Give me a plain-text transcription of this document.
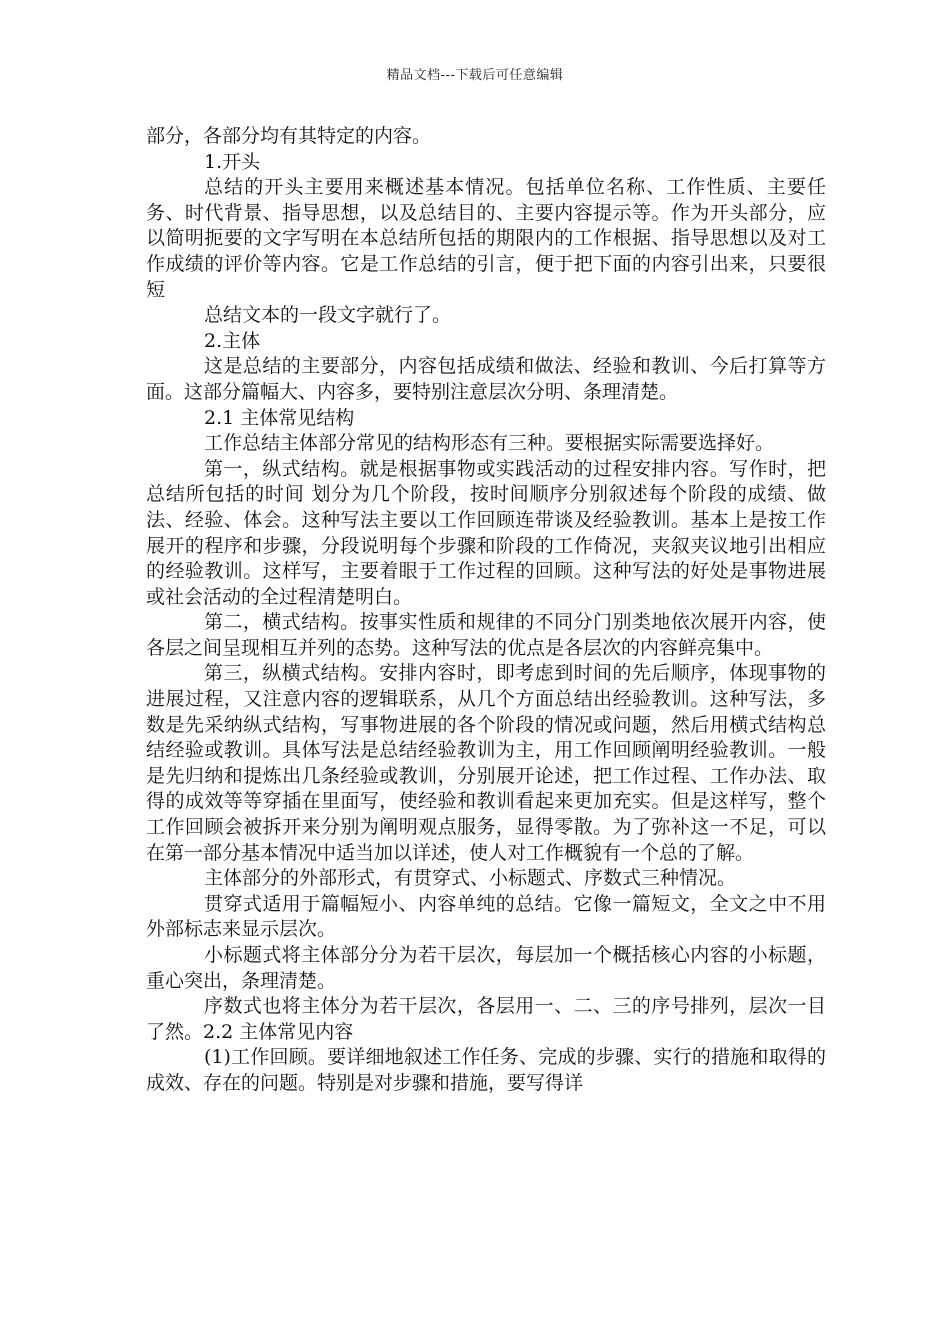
精品文档---下载后可任意编辑

部分，各部分均有其特定的内容。

1.开头

总结的开头主要用来概述基本情况。包括单位名称、工作性质、主要任务、时代背景、指导思想，以及总结目的、主要内容提示等。作为开头部分，应以简明扼要的文字写明在本总结所包括的期限内的工作根据、指导思想以及对工作成绩的评价等内容。它是工作总结的引言，便于把下面的内容引出来，只要很短

总结文本的一段文字就行了。

2.主体

这是总结的主要部分，内容包括成绩和做法、经验和教训、今后打算等方面。这部分篇幅大、内容多，要特别注意层次分明、条理清楚。

2.1 主体常见结构

工作总结主体部分常见的结构形态有三种。要根据实际需要选择好。

第一，纵式结构。就是根据事物或实践活动的过程安排内容。写作时，把总结所包括的时间 划分为几个阶段，按时间顺序分别叙述每个阶段的成绩、做法、经验、体会。这种写法主要以工作回顾连带谈及经验教训。基本上是按工作展开的程序和步骤，分段说明每个步骤和阶段的工作倚况，夹叙夹议地引出相应的经验教训。这样写，主要着眼于工作过程的回顾。这种写法的好处是事物进展或社会活动的全过程清楚明白。

第二，横式结构。按事实性质和规律的不同分门别类地依次展开内容，使各层之间呈现相互并列的态势。这种写法的优点是各层次的内容鲜亮集中。

第三，纵横式结构。安排内容时，即考虑到时间的先后顺序，体现事物的进展过程，又注意内容的逻辑联系，从几个方面总结出经验教训。这种写法，多数是先采纳纵式结构，写事物进展的各个阶段的情况或问题，然后用横式结构总结经验或教训。具体写法是总结经验教训为主，用工作回顾阐明经验教训。一般是先归纳和提炼出几条经验或教训，分别展开论述，把工作过程、工作办法、取得的成效等等穿插在里面写，使经验和教训看起来更加充实。但是这样写，整个工作回顾会被拆开来分别为阐明观点服务，显得零散。为了弥补这一不足，可以在第一部分基本情况中适当加以详述，使人对工作概貌有一个总的了解。

主体部分的外部形式，有贯穿式、小标题式、序数式三种情况。

贯穿式适用于篇幅短小、内容单纯的总结。它像一篇短文，全文之中不用外部标志来显示层次。

小标题式将主体部分分为若干层次，每层加一个概括核心内容的小标题，重心突出，条理清楚。

序数式也将主体分为若干层次，各层用一、二、三的序号排列，层次一目了然。2.2 主体常见内容

(1)工作回顾。要详细地叙述工作任务、完成的步骤、实行的措施和取得的成效、存在的问题。特别是对步骤和措施，要写得详
